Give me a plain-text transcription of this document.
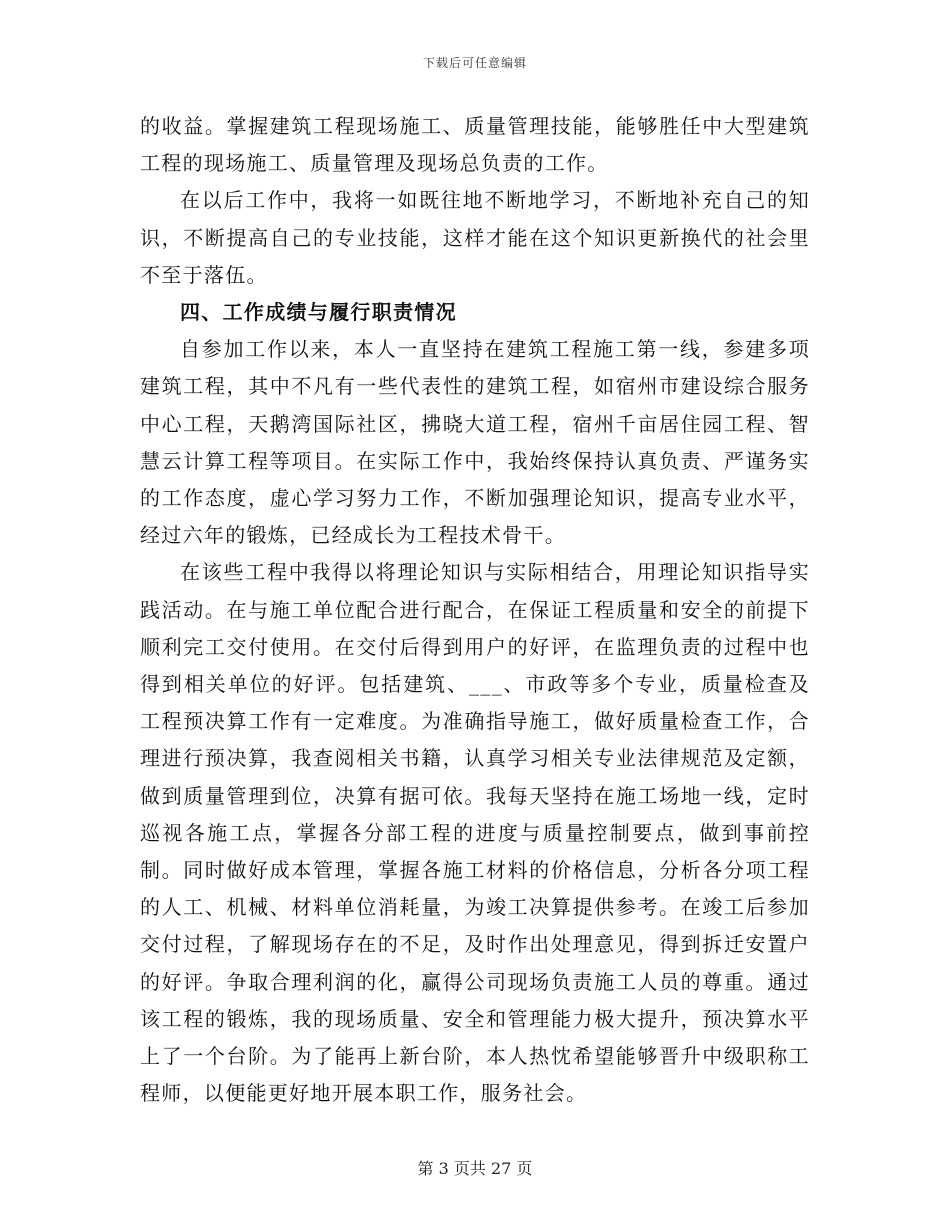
下载后可任意编辑

的收益。掌握建筑工程现场施工、质量管理技能，能够胜任中大型建筑工程的现场施工、质量管理及现场总负责的工作。

在以后工作中，我将一如既往地不断地学习，不断地补充自己的知识，不断提高自己的专业技能，这样才能在这个知识更新换代的社会里不至于落伍。

四、工作成绩与履行职责情况

自参加工作以来，本人一直坚持在建筑工程施工第一线，参建多项建筑工程，其中不凡有一些代表性的建筑工程，如宿州市建设综合服务中心工程，天鹅湾国际社区，拂晓大道工程，宿州千亩居住园工程、智慧云计算工程等项目。在实际工作中，我始终保持认真负责、严谨务实的工作态度，虚心学习努力工作，不断加强理论知识，提高专业水平，经过六年的锻炼，已经成长为工程技术骨干。

在该些工程中我得以将理论知识与实际相结合，用理论知识指导实践活动。在与施工单位配合进行配合，在保证工程质量和安全的前提下顺利完工交付使用。在交付后得到用户的好评，在监理负责的过程中也得到相关单位的好评。包括建筑、___、市政等多个专业，质量检查及工程预决算工作有一定难度。为准确指导施工，做好质量检查工作，合理进行预决算，我查阅相关书籍，认真学习相关专业法律规范及定额，做到质量管理到位，决算有据可依。我每天坚持在施工场地一线，定时巡视各施工点，掌握各分部工程的进度与质量控制要点，做到事前控制。同时做好成本管理，掌握各施工材料的价格信息，分析各分项工程的人工、机械、材料单位消耗量，为竣工决算提供参考。在竣工后参加交付过程，了解现场存在的不足，及时作出处理意见，得到拆迁安置户的好评。争取合理利润的化，赢得公司现场负责施工人员的尊重。通过该工程的锻炼，我的现场质量、安全和管理能力极大提升，预决算水平上了一个台阶。为了能再上新台阶，本人热忱希望能够晋升中级职称工程师，以便能更好地开展本职工作，服务社会。

第 3 页共 27 页
